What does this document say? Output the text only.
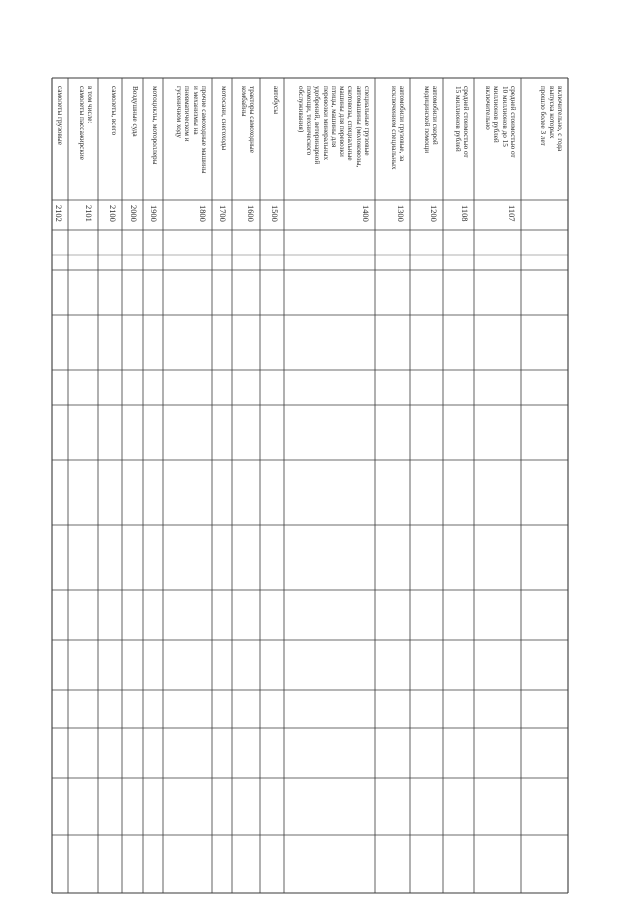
включительно, с года
выпуска которых
прошло более 3 лет
средней стоимостью от
10 миллионов до 15
миллионов рублей
включительно
1107
средней стоимостью от
15 миллионов рублей
1108
автомобили скорой
медицинской помощи
1200
автомобили грузовые, за
исключением специальных
1300
специальные грузовые
автомашины (молоковозы,
скотовозы, специальные
машины для перевозки
птицы, машины для
перевозки минеральных
удобрений, ветеринарной
помощи, технического
обслуживания)
1400
автобусы
1500
тракторы самоходные
комбайны
1600
мотосани, снегоходы
1700
прочие самоходные машины
и механизмы на
пневматическом и
гусеничном ходу
1800
мотоциклы, мотороллеры
1900
Воздушные суда
2000
самолеты, всего
2100
в том числе:
самолеты пассажирские
2101
самолеты грузовые
2102
